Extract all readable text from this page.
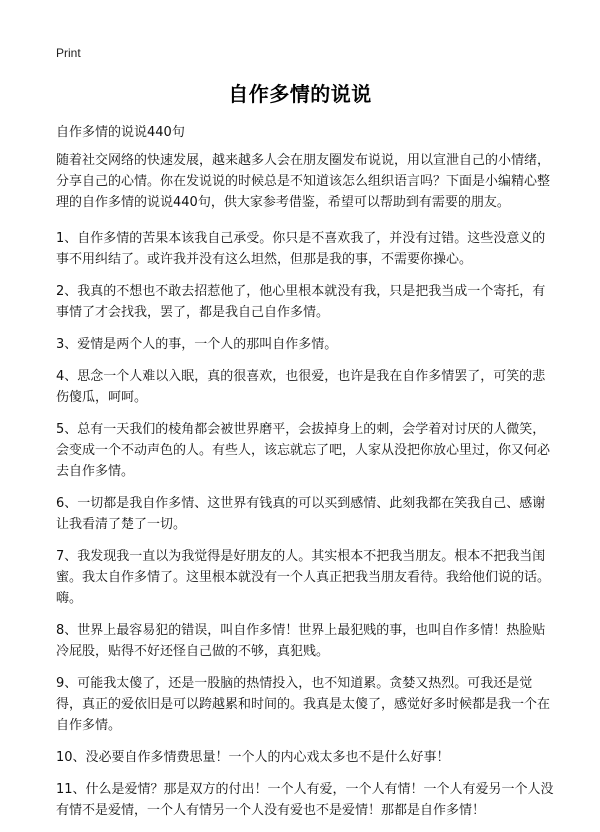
Print
自作多情的说说
自作多情的说说440句

随着社交网络的快速发展，越来越多人会在朋友圈发布说说，用以宣泄自己的小情绪，分享自己的心情。你在发说说的时候总是不知道该怎么组织语言吗？下面是小编精心整理的自作多情的说说440句，供大家参考借鉴，希望可以帮助到有需要的朋友。

1、自作多情的苦果本该我自己承受。你只是不喜欢我了，并没有过错。这些没意义的事不用纠结了。或许我并没有这么坦然，但那是我的事，不需要你操心。

2、我真的不想也不敢去招惹他了，他心里根本就没有我，只是把我当成一个寄托，有事情了才会找我，罢了，都是我自己自作多情。

3、爱情是两个人的事，一个人的那叫自作多情。

4、思念一个人难以入眠，真的很喜欢，也很爱，也许是我在自作多情罢了，可笑的悲伤傻瓜，呵呵。

5、总有一天我们的棱角都会被世界磨平，会拔掉身上的刺，会学着对讨厌的人微笑，会变成一个不动声色的人。有些人，该忘就忘了吧，人家从没把你放心里过，你又何必去自作多情。

6、一切都是我自作多情、这世界有钱真的可以买到感情、此刻我都在笑我自己、感谢让我看清了楚了一切。

7、我发现我一直以为我觉得是好朋友的人。其实根本不把我当朋友。根本不把我当闺蜜。我太自作多情了。这里根本就没有一个人真正把我当朋友看待。我给他们说的话。嗨。

8、世界上最容易犯的错误，叫自作多情！世界上最犯贱的事，也叫自作多情！热脸贴冷屁股，贴得不好还怪自己做的不够，真犯贱。

9、可能我太傻了，还是一股脑的热情投入，也不知道累。贪婪又热烈。可我还是觉得，真正的爱依旧是可以跨越累和时间的。我真是太傻了，感觉好多时候都是我一个在自作多情。

10、没必要自作多情费思量！一个人的内心戏太多也不是什么好事！

11、什么是爱情？那是双方的付出！一个人有爱，一个人有情！一个人有爱另一个人没有情不是爱情，一个人有情另一个人没有爱也不是爱情！那都是自作多情！
